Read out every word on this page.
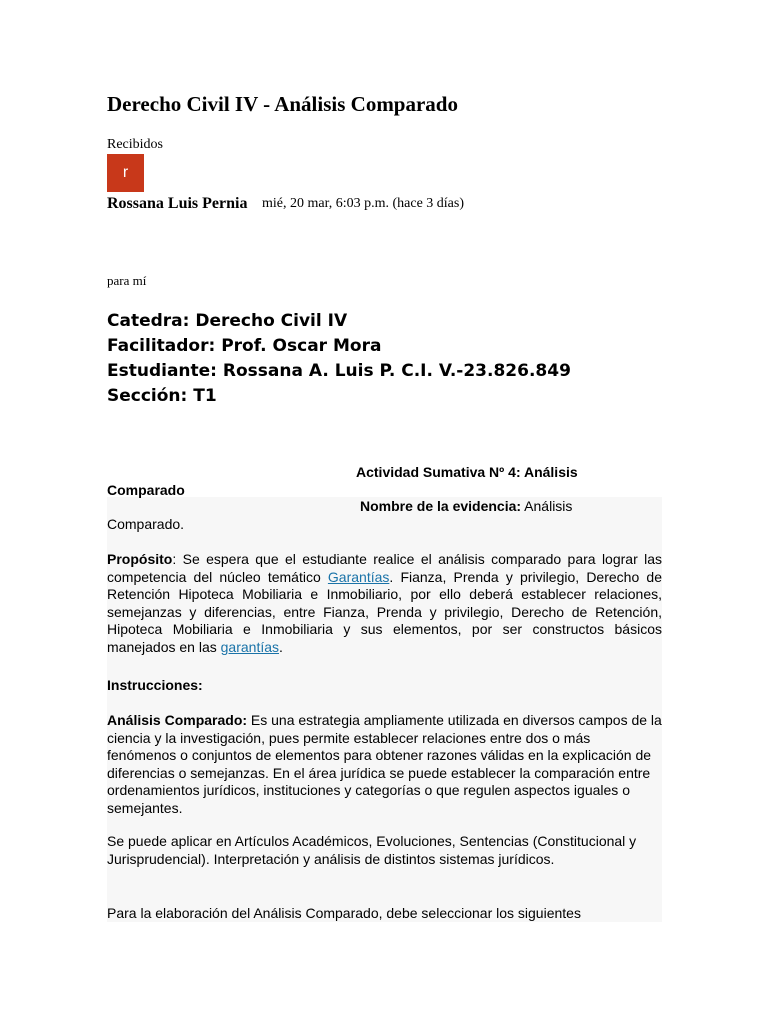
Derecho Civil IV - Análisis Comparado
Recibidos
r
Rossana Luis Pernia mié, 20 mar, 6:03 p.m. (hace 3 días)
para mí
Catedra: Derecho Civil IV
Facilitador: Prof. Oscar Mora
Estudiante: Rossana A. Luis P. C.I. V.-23.826.849
Sección: T1
Actividad Sumativa Nº 4: Análisis
Comparado
Nombre de la evidencia: Análisis
Comparado.
Propósito: Se espera que el estudiante realice el análisis comparado para lograr las competencia del núcleo temático Garantías. Fianza, Prenda y privilegio, Derecho de Retención Hipoteca Mobiliaria e Inmobiliario, por ello deberá establecer relaciones, semejanzas y diferencias, entre Fianza, Prenda y privilegio, Derecho de Retención, Hipoteca Mobiliaria e Inmobiliaria y sus elementos, por ser constructos básicos manejados en las garantías.
Instrucciones:
Análisis Comparado: Es una estrategia ampliamente utilizada en diversos campos de la ciencia y la investigación, pues permite establecer relaciones entre dos o más fenómenos o conjuntos de elementos para obtener razones válidas en la explicación de diferencias o semejanzas. En el área jurídica se puede establecer la comparación entre ordenamientos jurídicos, instituciones y categorías o que regulen aspectos iguales o semejantes.
Se puede aplicar en Artículos Académicos, Evoluciones, Sentencias (Constitucional y Jurisprudencial). Interpretación y análisis de distintos sistemas jurídicos.
Para la elaboración del Análisis Comparado, debe seleccionar los siguientes
